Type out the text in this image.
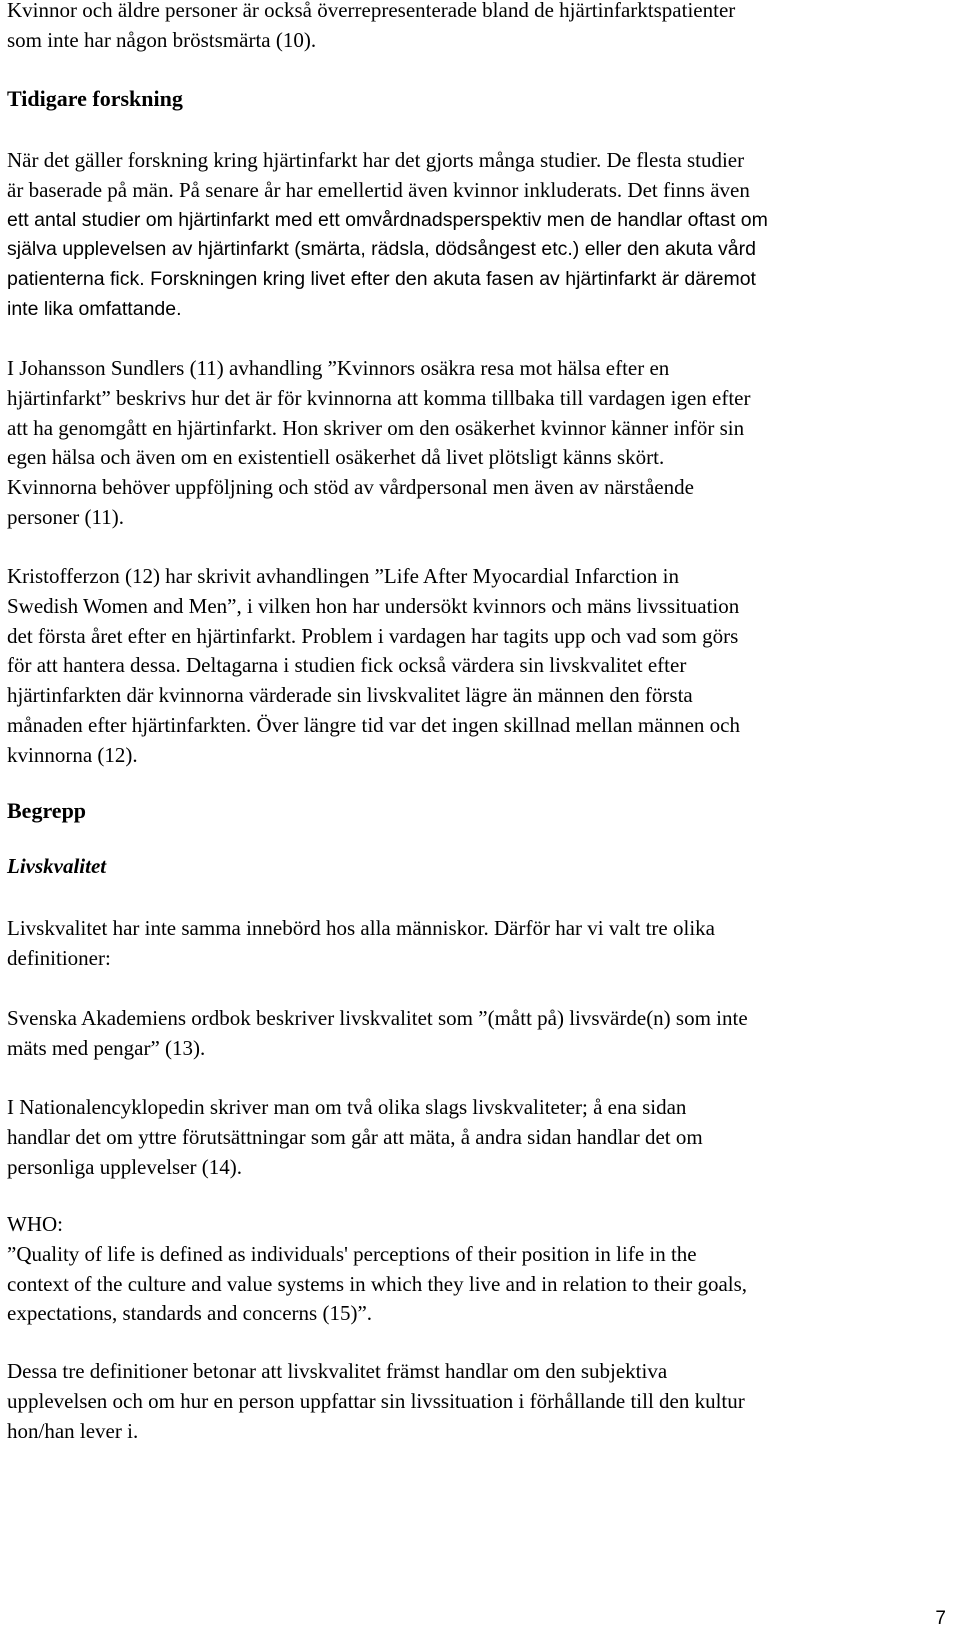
Kvinnor och äldre personer är också överrepresenterade bland de hjärtinfarktspatienter
som inte har någon bröstsmärta (10).

Tidigare forskning

När det gäller forskning kring hjärtinfarkt har det gjorts många studier. De flesta studier
är baserade på män. På senare år har emellertid även kvinnor inkluderats. Det finns även
ett antal studier om hjärtinfarkt med ett omvårdnadsperspektiv men de handlar oftast om
själva upplevelsen av hjärtinfarkt (smärta, rädsla, dödsångest etc.) eller den akuta vård
patienterna fick. Forskningen kring livet efter den akuta fasen av hjärtinfarkt är däremot
inte lika omfattande.

I Johansson Sundlers (11) avhandling ”Kvinnors osäkra resa mot hälsa efter en
hjärtinfarkt” beskrivs hur det är för kvinnorna att komma tillbaka till vardagen igen efter
att ha genomgått en hjärtinfarkt. Hon skriver om den osäkerhet kvinnor känner inför sin
egen hälsa och även om en existentiell osäkerhet då livet plötsligt känns skört.
Kvinnorna behöver uppföljning och stöd av vårdpersonal men även av närstående
personer (11).

Kristofferzon (12) har skrivit avhandlingen ”Life After Myocardial Infarction in
Swedish Women and Men”, i vilken hon har undersökt kvinnors och mäns livssituation
det första året efter en hjärtinfarkt. Problem i vardagen har tagits upp och vad som görs
för att hantera dessa. Deltagarna i studien fick också värdera sin livskvalitet efter
hjärtinfarkten där kvinnorna värderade sin livskvalitet lägre än männen den första
månaden efter hjärtinfarkten. Över längre tid var det ingen skillnad mellan männen och
kvinnorna (12).

Begrepp
Livskvalitet

Livskvalitet har inte samma innebörd hos alla människor. Därför har vi valt tre olika
definitioner:

Svenska Akademiens ordbok beskriver livskvalitet som ”(mått på) livsvärde(n) som inte
mäts med pengar” (13).

I Nationalencyklopedin skriver man om två olika slags livskvaliteter; å ena sidan
handlar det om yttre förutsättningar som går att mäta, å andra sidan handlar det om
personliga upplevelser (14).

WHO:
”Quality of life is defined as individuals' perceptions of their position in life in the
context of the culture and value systems in which they live and in relation to their goals,
expectations, standards and concerns (15)”.

Dessa tre definitioner betonar att livskvalitet främst handlar om den subjektiva
upplevelsen och om hur en person uppfattar sin livssituation i förhållande till den kultur
hon/han lever i.

7
